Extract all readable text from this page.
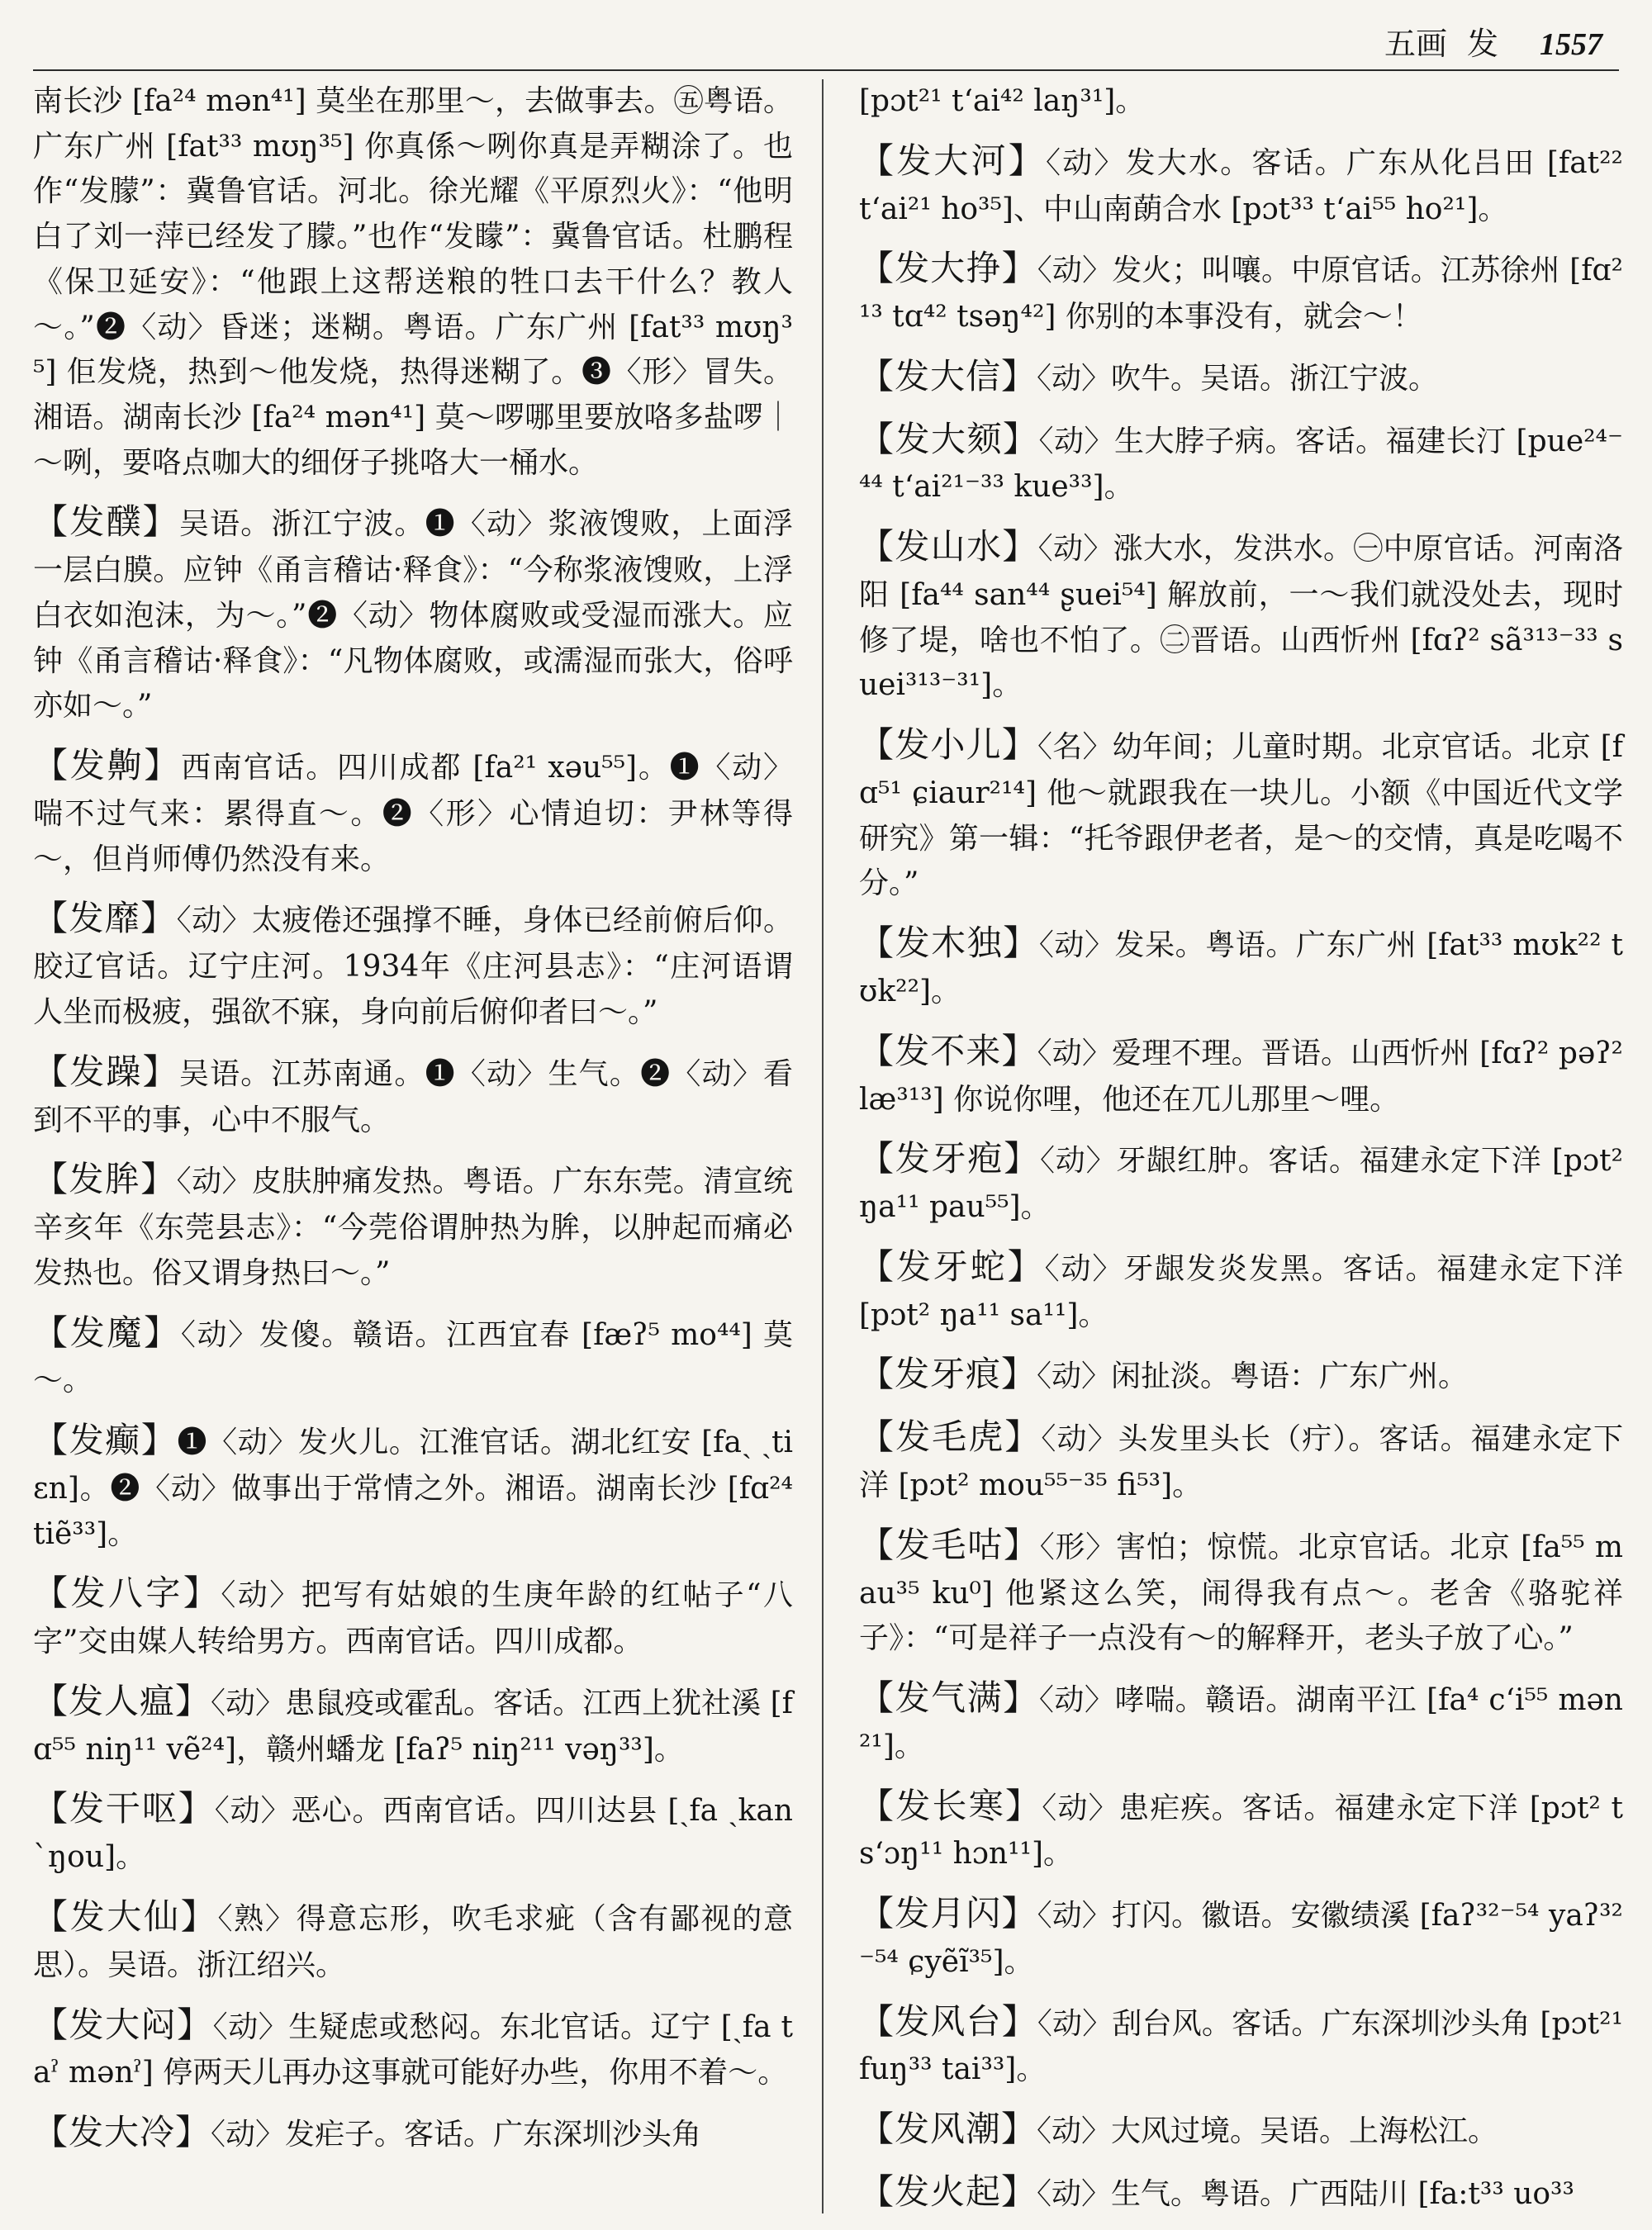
五画 发 1557

南长沙 [fa²⁴ mən⁴¹] 莫坐在那里～，去做事去。㊄粤语。广东广州 [fat³³ mʊŋ³⁵] 你真係～咧你真是弄糊涂了。也作“发朦”：冀鲁官话。河北。徐光耀《平原烈火》：“他明白了刘一萍已经发了朦。”也作“发矇”：冀鲁官话。杜鹏程《保卫延安》：“他跟上这帮送粮的牲口去干什么？教人～。”❷〈动〉昏迷；迷糊。粤语。广东广州 [fat³³ mʊŋ³⁵] 佢发烧，热到～他发烧，热得迷糊了。❸〈形〉冒失。湘语。湖南长沙 [fa²⁴ mən⁴¹] 莫～啰哪里要放咯多盐啰｜～咧，要咯点咖大的细伢子挑咯大一桶水。

【发醭】吴语。浙江宁波。❶〈动〉浆液馊败，上面浮一层白膜。应钟《甬言稽诂·释食》：“今称浆液馊败，上浮白衣如泡沫，为～。”❷〈动〉物体腐败或受湿而涨大。应钟《甬言稽诂·释食》：“凡物体腐败，或濡湿而张大，俗呼亦如～。”

【发齁】西南官话。四川成都 [fa²¹ xəu⁵⁵]。❶〈动〉喘不过气来：累得直～。❷〈形〉心情迫切：尹林等得～，但肖师傅仍然没有来。

【发靡】〈动〉太疲倦还强撑不睡，身体已经前俯后仰。胶辽官话。辽宁庄河。1934年《庄河县志》：“庄河语谓人坐而极疲，强欲不寐，身向前后俯仰者曰～。”

【发躁】吴语。江苏南通。❶〈动〉生气。❷〈动〉看到不平的事，心中不服气。

【发䏬】〈动〉皮肤肿痛发热。粤语。广东东莞。清宣统辛亥年《东莞县志》：“今莞俗谓肿热为䏬，以肿起而痛必发热也。俗又谓身热曰～。”

【发魔】〈动〉发傻。赣语。江西宜春 [fæʔ⁵ mo⁴⁴] 莫～。

【发癫】❶〈动〉发火儿。江淮官话。湖北红安 [faˎ ˏtiɛn]。❷〈动〉做事出于常情之外。湘语。湖南长沙 [fɑ²⁴ tiẽ³³]。

【发八字】〈动〉把写有姑娘的生庚年龄的红帖子“八字”交由媒人转给男方。西南官话。四川成都。

【发人瘟】〈动〉患鼠疫或霍乱。客话。江西上犹社溪 [fɑ⁵⁵ niŋ¹¹ vẽ²⁴]，赣州蟠龙 [faʔ⁵ niŋ²¹¹ vəŋ³³]。

【发干呕】〈动〉恶心。西南官话。四川达县 [ˏfa ˏkan ˋŋou]。

【发大仙】〈熟〉得意忘形，吹毛求疵（含有鄙视的意思）。吴语。浙江绍兴。

【发大闷】〈动〉生疑虑或愁闷。东北官话。辽宁 [ˏfa taˀ mənˀ] 停两天儿再办这事就可能好办些，你用不着～。

【发大冷】〈动〉发疟子。客话。广东深圳沙头角

[pɔt²¹ t‘ai⁴² laŋ³¹]。

【发大河】〈动〉发大水。客话。广东从化吕田 [fat²² t‘ai²¹ ho³⁵]、中山南蓢合水 [pɔt³³ t‘ai⁵⁵ ho²¹]。

【发大挣】〈动〉发火；叫嚷。中原官话。江苏徐州 [fɑ²¹³ tɑ⁴² tsəŋ⁴²] 你别的本事没有，就会～！

【发大信】〈动〉吹牛。吴语。浙江宁波。

【发大颏】〈动〉生大脖子病。客话。福建长汀 [pue²⁴⁻⁴⁴ t‘ai²¹⁻³³ kue³³]。

【发山水】〈动〉涨大水，发洪水。㊀中原官话。河南洛阳 [fa⁴⁴ san⁴⁴ ʂuei⁵⁴] 解放前，一～我们就没处去，现时修了堤，啥也不怕了。㊁晋语。山西忻州 [fɑʔ² sã³¹³⁻³³ suei³¹³⁻³¹]。

【发小儿】〈名〉幼年间；儿童时期。北京官话。北京 [fɑ⁵¹ ɕiaur²¹⁴] 他～就跟我在一块儿。小额《中国近代文学研究》第一辑：“托爷跟伊老者，是～的交情，真是吃喝不分。”

【发木独】〈动〉发呆。粤语。广东广州 [fat³³ mʊk²² tʊk²²]。

【发不来】〈动〉爱理不理。晋语。山西忻州 [fɑʔ² pəʔ² læ³¹³] 你说你哩，他还在兀儿那里～哩。

【发牙疱】〈动〉牙龈红肿。客话。福建永定下洋 [pɔt² ŋa¹¹ pau⁵⁵]。

【发牙蛇】〈动〉牙龈发炎发黑。客话。福建永定下洋 [pɔt² ŋa¹¹ sa¹¹]。

【发牙痕】〈动〉闲扯淡。粤语：广东广州。

【发毛虎】〈动〉头发里头长（疔）。客话。福建永定下洋 [pɔt² mou⁵⁵⁻³⁵ fi⁵³]。

【发毛咕】〈形〉害怕；惊慌。北京官话。北京 [fa⁵⁵ mau³⁵ ku⁰] 他紧这么笑，闹得我有点～。老舍《骆驼祥子》：“可是祥子一点没有～的解释开，老头子放了心。”

【发气满】〈动〉哮喘。赣语。湖南平江 [fa⁴ c‘i⁵⁵ mən²¹]。

【发长寒】〈动〉患疟疾。客话。福建永定下洋 [pɔt² ts‘ɔŋ¹¹ hɔn¹¹]。

【发月闪】〈动〉打闪。徽语。安徽绩溪 [faʔ³²⁻⁵⁴ yaʔ³²⁻⁵⁴ ɕyẽĩ³⁵]。

【发风台】〈动〉刮台风。客话。广东深圳沙头角 [pɔt²¹ fuŋ³³ tai³³]。

【发风潮】〈动〉大风过境。吴语。上海松江。

【发火起】〈动〉生气。粤语。广西陆川 [fa:t³³ uo³³
